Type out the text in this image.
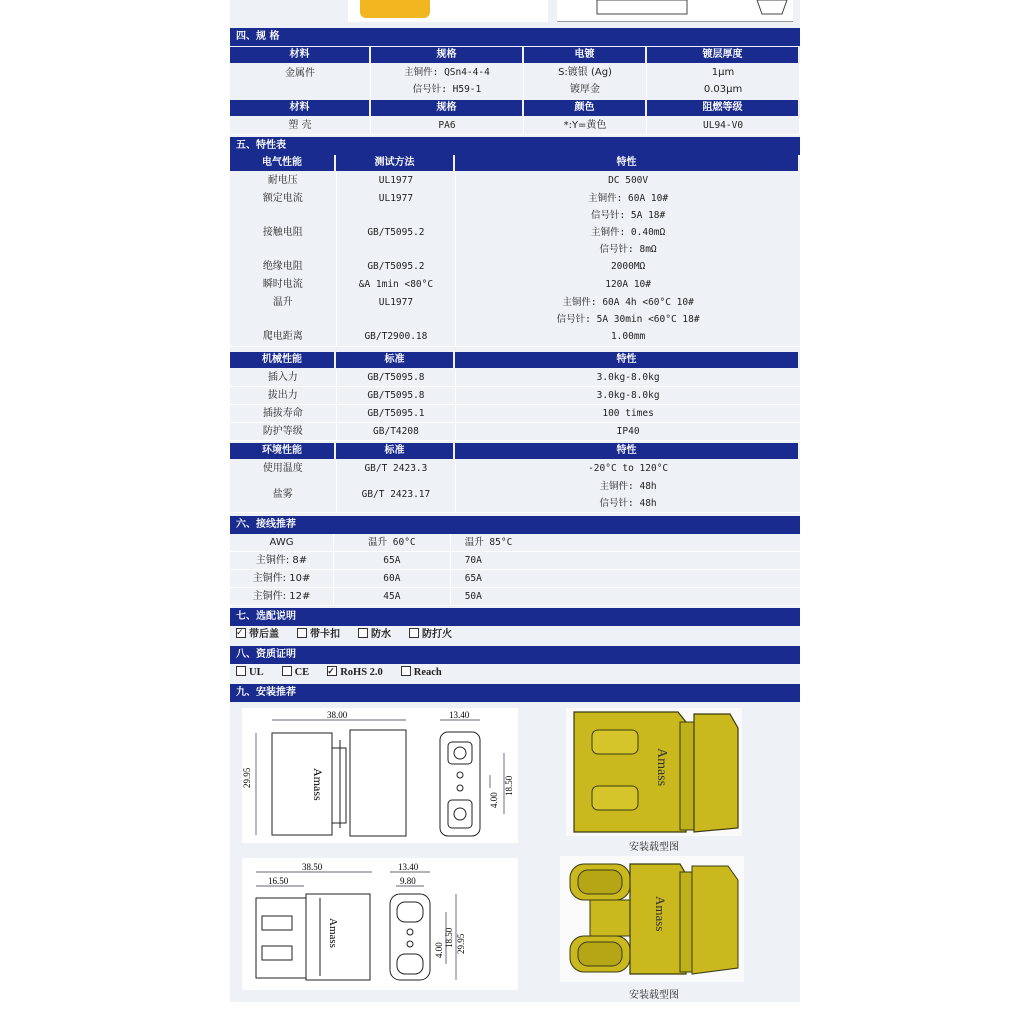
四、规 格
材料	规格	电镀	镀层厚度
金属件	主铜件: QSn4-4-4
信号针: H59-1
S:镀银 (Ag)
镀厚金
1μm
0.03μm
材料	规格	颜色	阻燃等级
塑 壳	PA6	*:Y=黄色	UL94-V0
五、特性表
电气性能	测试方法	特性
耐电压	UL1977	DC 500V
额定电流	UL1977	主铜件: 60A 10#
信号针: 5A 18#
接触电阻	GB/T5095.2	主铜件: 0.40mΩ
信号针: 8mΩ
绝缘电阻	GB/T5095.2	2000MΩ
瞬时电流	&A 1min <80°C	120A 10#
温升	UL1977	主铜件: 60A 4h <60°C 10#
信号针: 5A 30min <60°C 18#
爬电距离	GB/T2900.18	1.00mm
机械性能	标准	特性
插入力	GB/T5095.8	3.0kg-8.0kg
拔出力	GB/T5095.8	3.0kg-8.0kg
插拔寿命	GB/T5095.1	100 times
防护等级	GB/T4208	IP40
环境性能	标准	特性
使用温度	GB/T 2423.3	-20°C to 120°C
盐雾	GB/T 2423.17
主铜件: 48h
信号针: 48h
六、接线推荐
AWG	温升 60°C	温升 85°C
主铜件: 8#	65A	70A
主铜件: 10#	60A	65A
主铜件: 12#	45A	50A
七、选配说明
✓带后盖	带卡扣	防水	防打火
八、资质证明
UL	CE✓	RoHS 2.0	Reach
九、安装推荐
38.00
29.95	Amass
13.40
18.50
4.00
Amass
安装载型图
38.50
16.50
Amass
13.40
9.80
29.95
18.50
4.00
Amass
安装载型图
